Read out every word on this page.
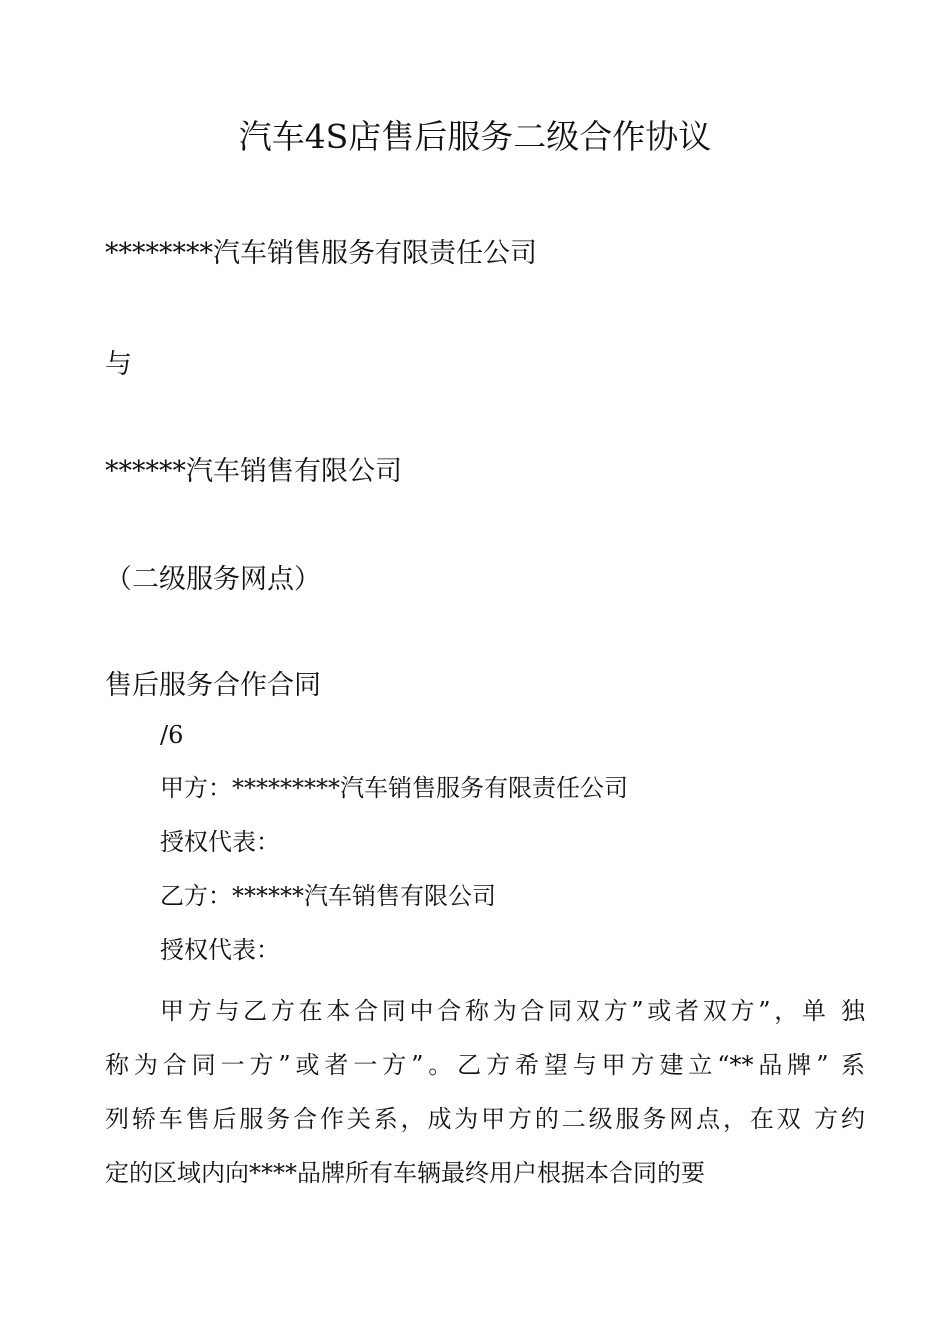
汽车4S店售后服务二级合作协议
********汽车销售服务有限责任公司
与
******汽车销售有限公司
（二级服务网点）
售后服务合作合同
/6
甲方：*********汽车销售服务有限责任公司
授权代表：
乙方：******汽车销售有限公司
授权代表：
甲方与乙方在本合同中合称为合同双方”或者双方”，单 独
称为合同一方”或者一方”。乙方希望与甲方建立“**品牌” 系
列轿车售后服务合作关系，成为甲方的二级服务网点，在双 方约
定的区域内向****品牌所有车辆最终用户根据本合同的要
